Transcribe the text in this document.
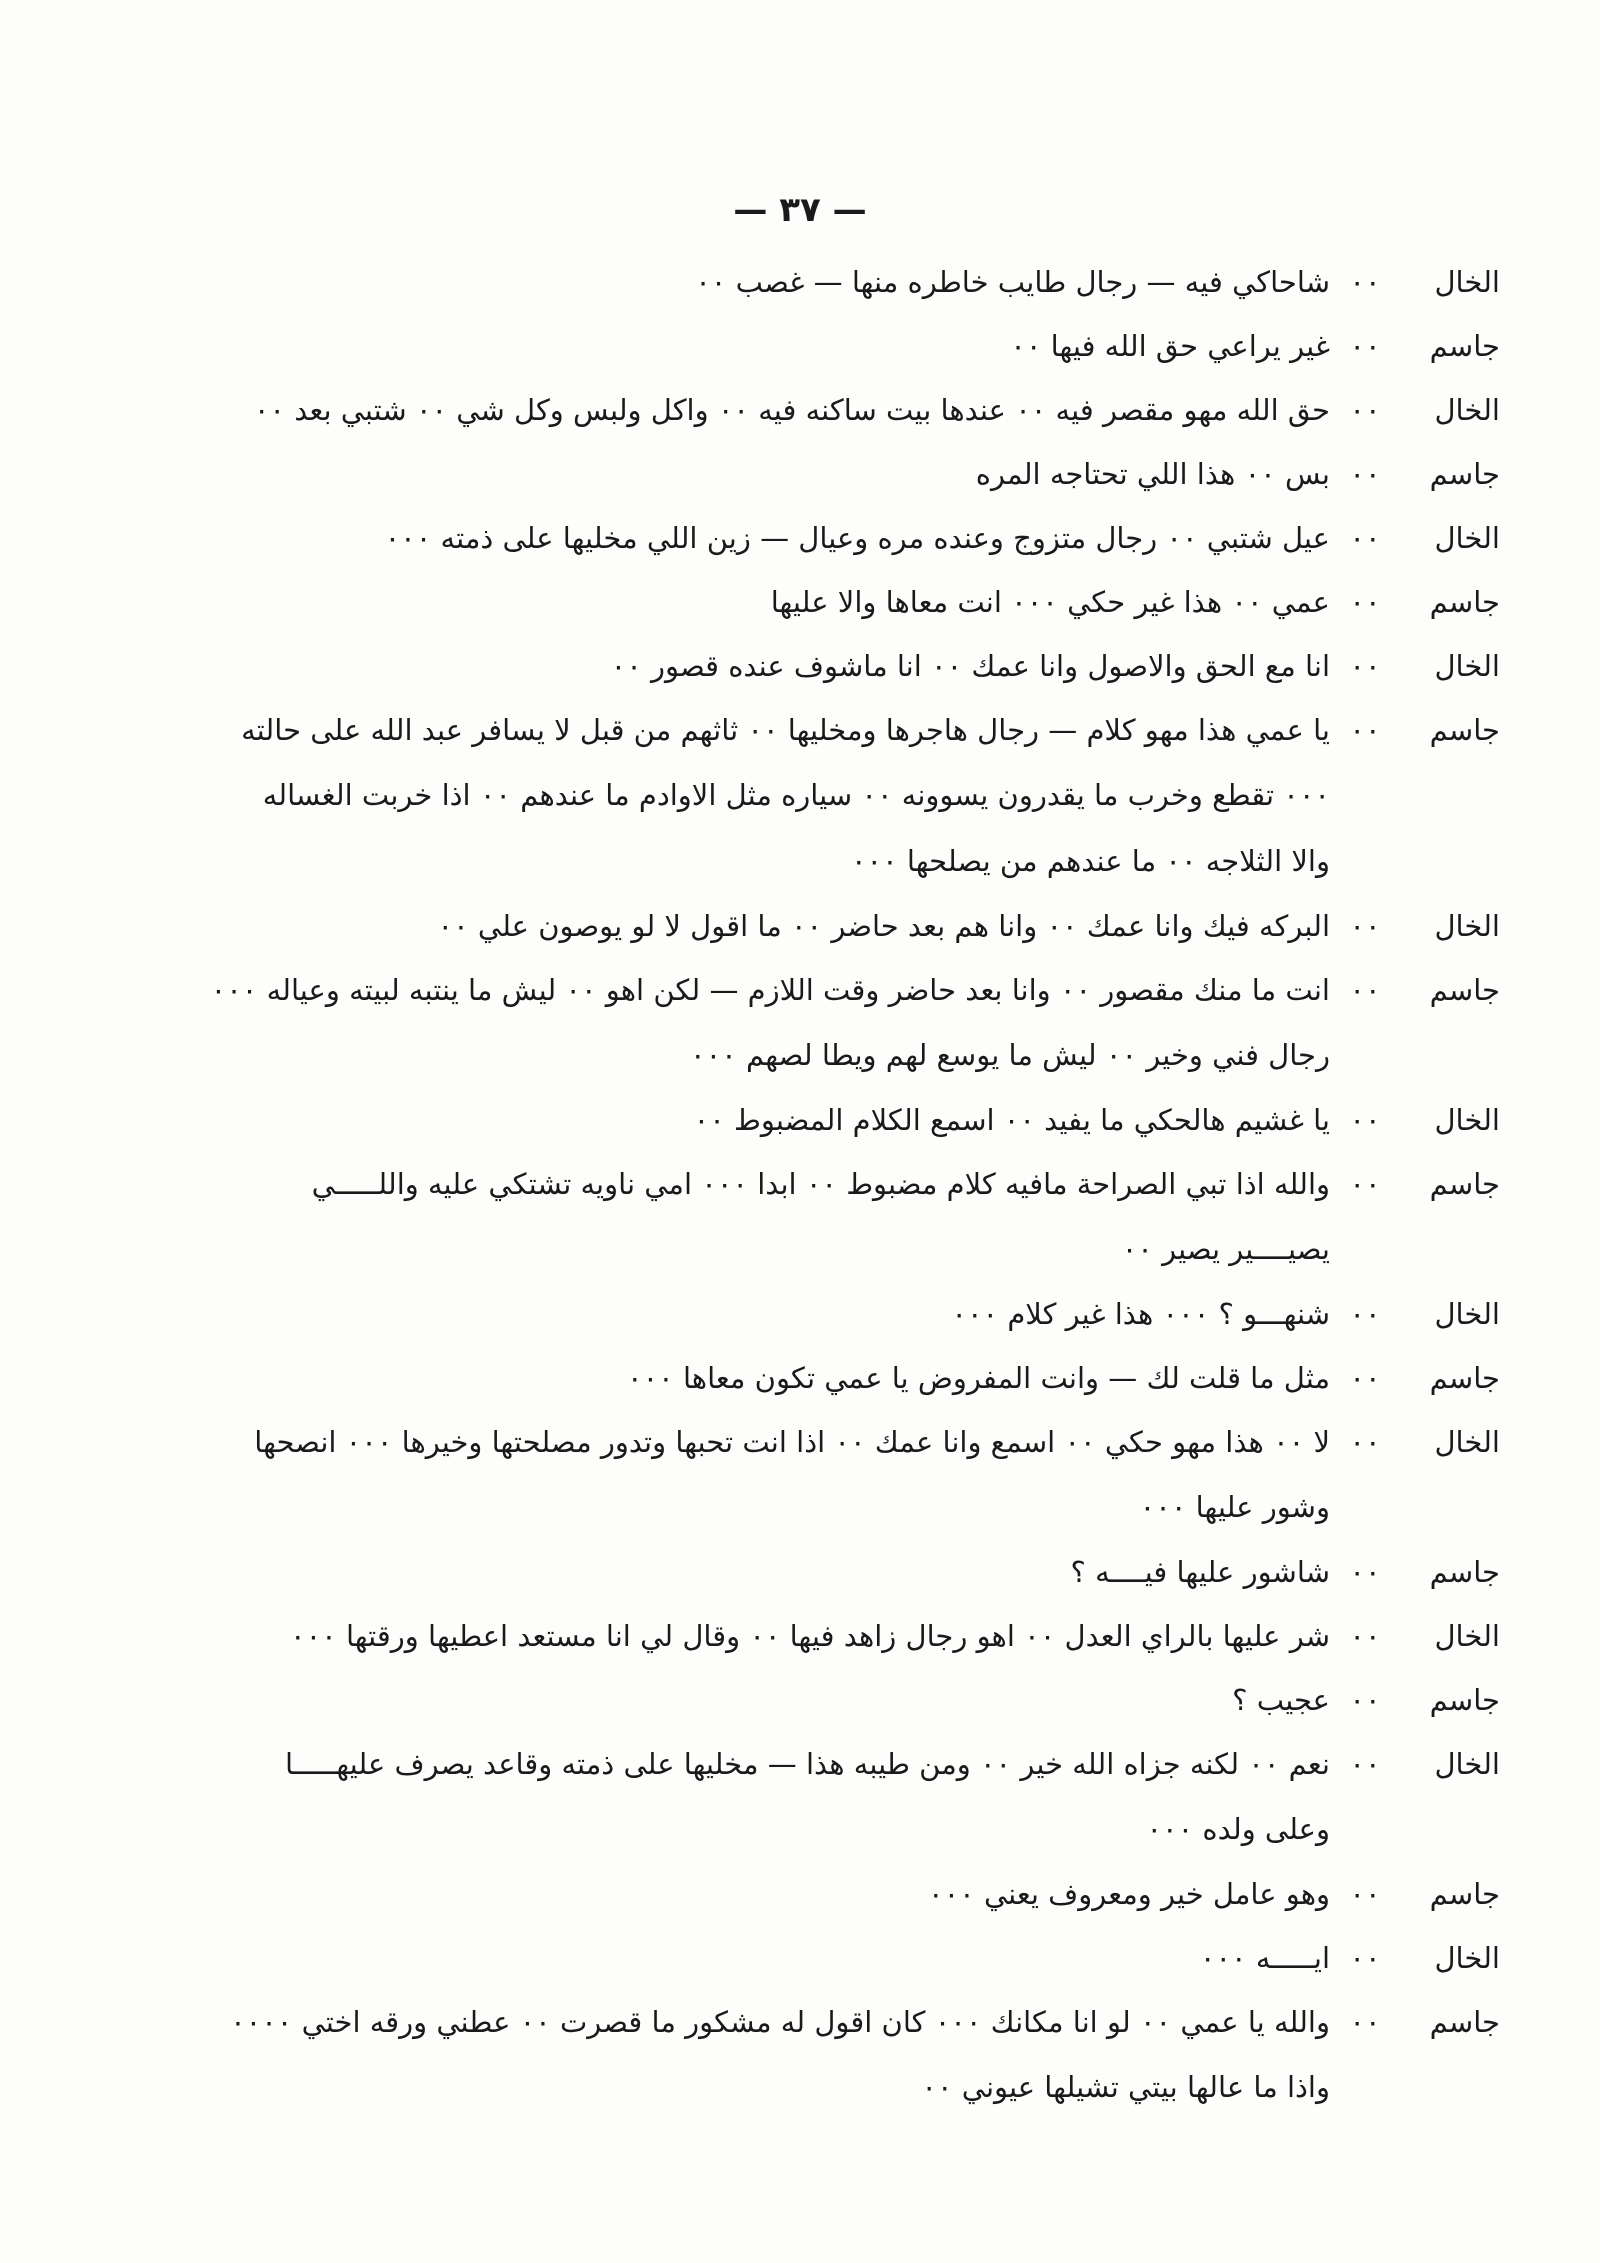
— ٣٧ —
الخال
٠٠
شاحاكي فيه — رجال طايب خاطره منها — غصب ٠٠
جاسم
٠٠
غير يراعي حق الله فيها ٠٠
الخال
٠٠
حق الله مهو مقصر فيه ٠٠ عندها بيت ساكنه فيه ٠٠ واكل ولبس وكل شي ٠٠ شتبي بعد ٠٠
جاسم
٠٠
بس ٠٠ هذا اللي تحتاجه المره
الخال
٠٠
عيل شتبي ٠٠ رجال متزوج وعنده مره وعيال — زين اللي مخليها على ذمته ٠٠٠
جاسم
٠٠
عمي ٠٠ هذا غير حكي ٠٠٠ انت معاها والا عليها
الخال
٠٠
انا مع الحق والاصول وانا عمك ٠٠ انا ماشوف عنده قصور ٠٠
جاسم
٠٠
يا عمي هذا مهو كلام — رجال هاجرها ومخليها ٠٠ ثاثهم من قبل لا يسافر عبد الله على حالته
٠٠٠ تقطع وخرب ما يقدرون يسوونه ٠٠ سياره مثل الاوادم ما عندهم ٠٠ اذا خربت الغساله
والا الثلاجه ٠٠ ما عندهم من يصلحها ٠٠٠
الخال
٠٠
البركه فيك وانا عمك ٠٠ وانا هم بعد حاضر ٠٠ ما اقول لا لو يوصون علي ٠٠
جاسم
٠٠
انت ما منك مقصور ٠٠ وانا بعد حاضر وقت اللازم — لكن اهو ٠٠ ليش ما ينتبه لبيته وعياله ٠٠٠
رجال فني وخير ٠٠ ليش ما يوسع لهم ويطا لصهم ٠٠٠
الخال
٠٠
يا غشيم هالحكي ما يفيد ٠٠ اسمع الكلام المضبوط ٠٠
جاسم
٠٠
والله اذا تبي الصراحة مافيه كلام مضبوط ٠٠ ابدا ٠٠٠ امي ناويه تشتكي عليه واللـــــي
يصيــــير يصير ٠٠
الخال
٠٠
شنهـــو ؟ ٠٠٠ هذا غير كلام ٠٠٠
جاسم
٠٠
مثل ما قلت لك — وانت المفروض يا عمي تكون معاها ٠٠٠
الخال
٠٠
لا ٠٠ هذا مهو حكي ٠٠ اسمع وانا عمك ٠٠ اذا انت تحبها وتدور مصلحتها وخيرها ٠٠٠ انصحها
وشور عليها ٠٠٠
جاسم
٠٠
شاشور عليها فيــــه ؟
الخال
٠٠
شر عليها بالراي العدل ٠٠ اهو رجال زاهد فيها ٠٠ وقال لي انا مستعد اعطيها ورقتها ٠٠٠
جاسم
٠٠
عجيب ؟
الخال
٠٠
نعم ٠٠ لكنه جزاه الله خير ٠٠ ومن طيبه هذا — مخليها على ذمته وقاعد يصرف عليهـــــا
وعلى ولده ٠٠٠
جاسم
٠٠
وهو عامل خير ومعروف يعني ٠٠٠
الخال
٠٠
ايـــــه ٠٠٠
جاسم
٠٠
والله يا عمي ٠٠ لو انا مكانك ٠٠٠ كان اقول له مشكور ما قصرت ٠٠ عطني ورقه اختي ٠٠٠٠
واذا ما عالها بيتي تشيلها عيوني ٠٠
